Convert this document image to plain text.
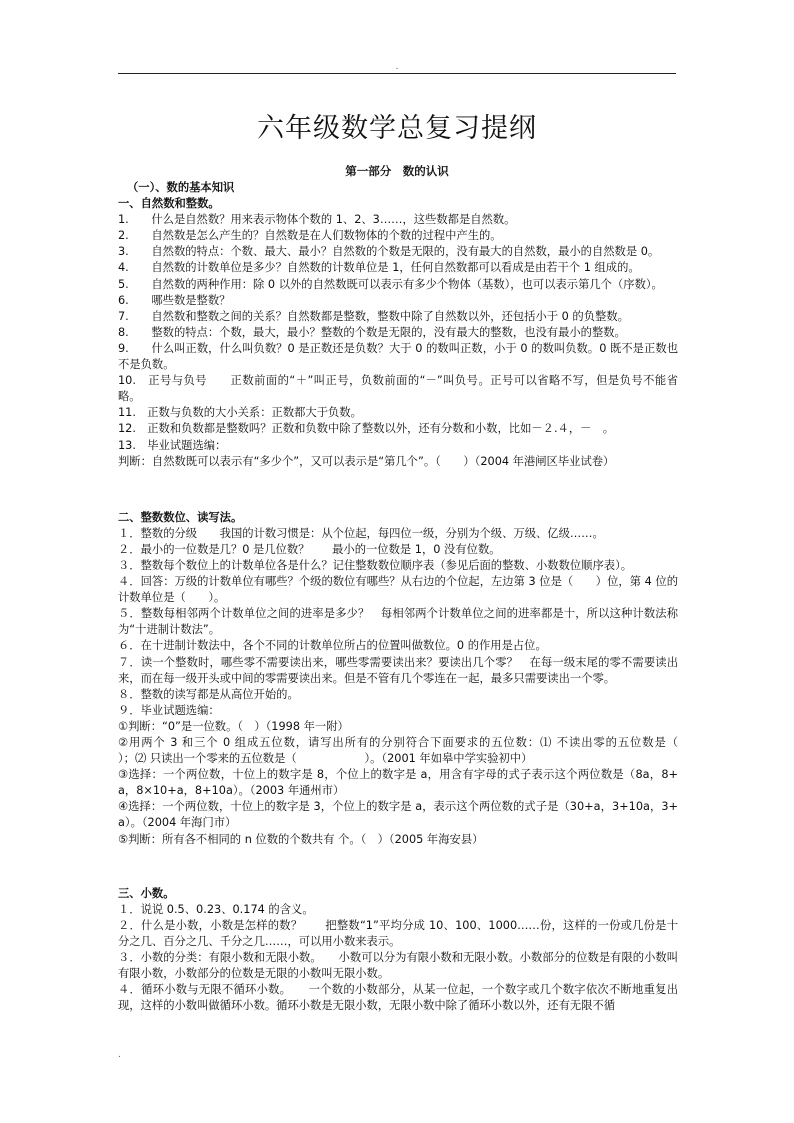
.
六年级数学总复习提纲
第一部分　数的认识

（一）、数的基本知识

一、自然数和整数。

1.　　什么是自然数？用来表示物体个数的 1、2、3……，这些数都是自然数。

2.　　自然数是怎么产生的？自然数是在人们数物体的个数的过程中产生的。

3.　　自然数的特点：个数、最大、最小？自然数的个数是无限的，没有最大的自然数，最小的自然数是 0。

4.　　自然数的计数单位是多少？自然数的计数单位是 1，任何自然数都可以看成是由若干个 1 组成的。

5.　　自然数的两种作用：除 0 以外的自然数既可以表示有多少个物体（基数），也可以表示第几个（序数）。

6.　　哪些数是整数？

7.　　自然数和整数之间的关系？自然数都是整数，整数中除了自然数以外，还包括小于 0 的负整数。

8.　　整数的特点：个数，最大，最小？整数的个数是无限的，没有最大的整数，也没有最小的整数。

9.　　什么叫正数，什么叫负数？0 是正数还是负数？大于 0 的数叫正数，小于 0 的数叫负数。0 既不是正数也不是负数。

10.　正号与负号　　正数前面的“＋”叫正号，负数前面的“－”叫负号。正号可以省略不写，但是负号不能省略。

11.　正数与负数的大小关系：正数都大于负数。

12.　正数和负数都是整数吗？正数和负数中除了整数以外，还有分数和小数，比如－２.４，－　。

13.　毕业试题选编：

判断：自然数既可以表示有“多少个”，又可以表示是“第几个”。（　　）（2004 年港闸区毕业试卷）

二、整数数位、读写法。

１．整数的分级　　我国的计数习惯是：从个位起，每四位一级，分别为个级、万级、亿级……。

２．最小的一位数是几？0 是几位数？　　最小的一位数是 1，0 没有位数。

３．整数每个数位上的计数单位各是什么？记住整数数位顺序表（参见后面的整数、小数数位顺序表）。

４．回答：万级的计数单位有哪些？个级的数位有哪些？从右边的个位起，左边第 3 位是（　　）位，第 4 位的计数单位是（　　）。

５．整数每相邻两个计数单位之间的进率是多少？　每相邻两个计数单位之间的进率都是十，所以这种计数法称为“十进制计数法”。

６．在十进制计数法中，各个不同的计数单位所占的位置叫做数位。0 的作用是占位。

７．读一个整数时，哪些零不需要读出来，哪些零需要读出来？要读出几个零？　在每一级末尾的零不需要读出来，而在每一级开头或中间的零需要读出来。但是不管有几个零连在一起，最多只需要读出一个零。

８．整数的读写都是从高位开始的。

９．毕业试题选编：

①判断：“0”是一位数。（　）（1998 年一附）

②用两个 3 和三个 0 组成五位数，请写出所有的分别符合下面要求的五位数：⑴ 不读出零的五位数是（　　　　　　　）；⑵ 只读出一个零来的五位数是（　　　　　　）。（2001 年如皋中学实验初中）

③选择：一个两位数，十位上的数字是 8，个位上的数字是 a，用含有字母的式子表示这个两位数是（8a，8+a，8×10+a，8+10a）。（2003 年通州市）

④选择：一个两位数，十位上的数字是 3，个位上的数字是 a，表示这个两位数的式子是（30+a，3+10a，3+a）。（2004 年海门市）

⑤判断：所有各不相同的 n 位数的个数共有 个。（　）（2005 年海安县）

三、小数。

１．说说 0.5、0.23、0.174 的含义。

２．什么是小数，小数是怎样的数？　　把整数“1”平均分成 10、100、1000……份，这样的一份或几份是十分之几、百分之几、千分之几……，可以用小数来表示。

３．小数的分类：有限小数和无限小数。　　小数可以分为有限小数和无限小数。小数部分的位数是有限的小数叫有限小数，小数部分的位数是无限的小数叫无限小数。

４．循环小数与无限不循环小数。　　一个数的小数部分，从某一位起，一个数字或几个数字依次不断地重复出现，这样的小数叫做循环小数。循环小数是无限小数，无限小数中除了循环小数以外，还有无限不循

.
